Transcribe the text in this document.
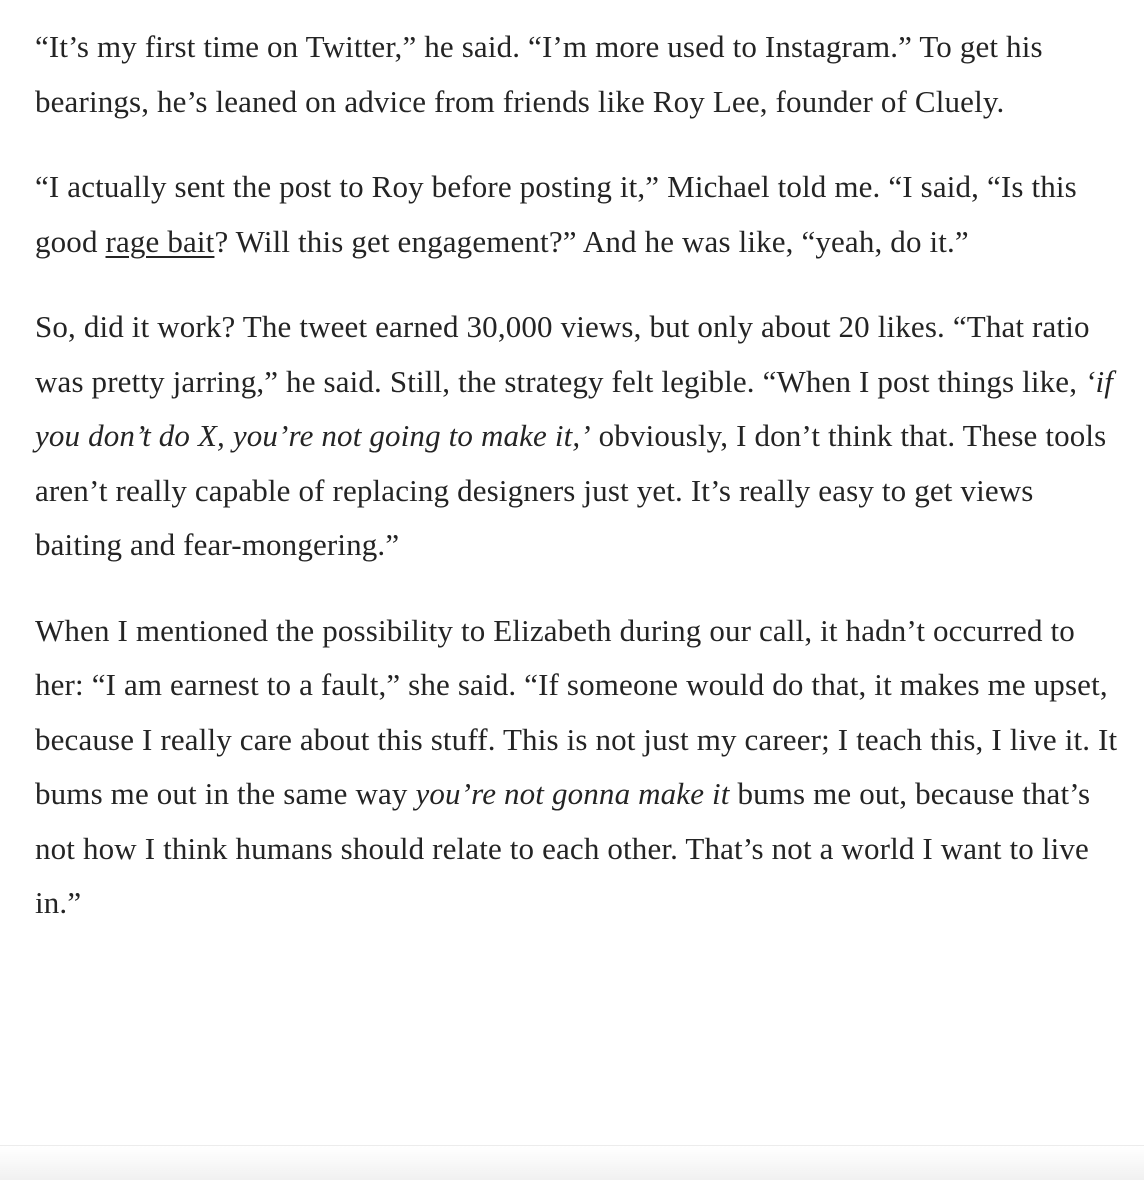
“It’s my first time on Twitter,” he said. “I’m more used to Instagram.” To get his bearings, he’s leaned on advice from friends like Roy Lee, founder of Cluely.

“I actually sent the post to Roy before posting it,” Michael told me. “I said, “Is this good rage bait? Will this get engagement?” And he was like, “yeah, do it.”

So, did it work? The tweet earned 30,000 views, but only about 20 likes. “That ratio was pretty jarring,” he said. Still, the strategy felt legible. “When I post things like, ‘if you don’t do X, you’re not going to make it,’ obviously, I don’t think that. These tools aren’t really capable of replacing designers just yet. It’s really easy to get views baiting and fear-mongering.”

When I mentioned the possibility to Elizabeth during our call, it hadn’t occurred to her: “I am earnest to a fault,” she said. “If someone would do that, it makes me upset, because I really care about this stuff. This is not just my career; I teach this, I live it. It bums me out in the same way you’re not gonna make it bums me out, because that’s not how I think humans should relate to each other. That’s not a world I want to live in.”
